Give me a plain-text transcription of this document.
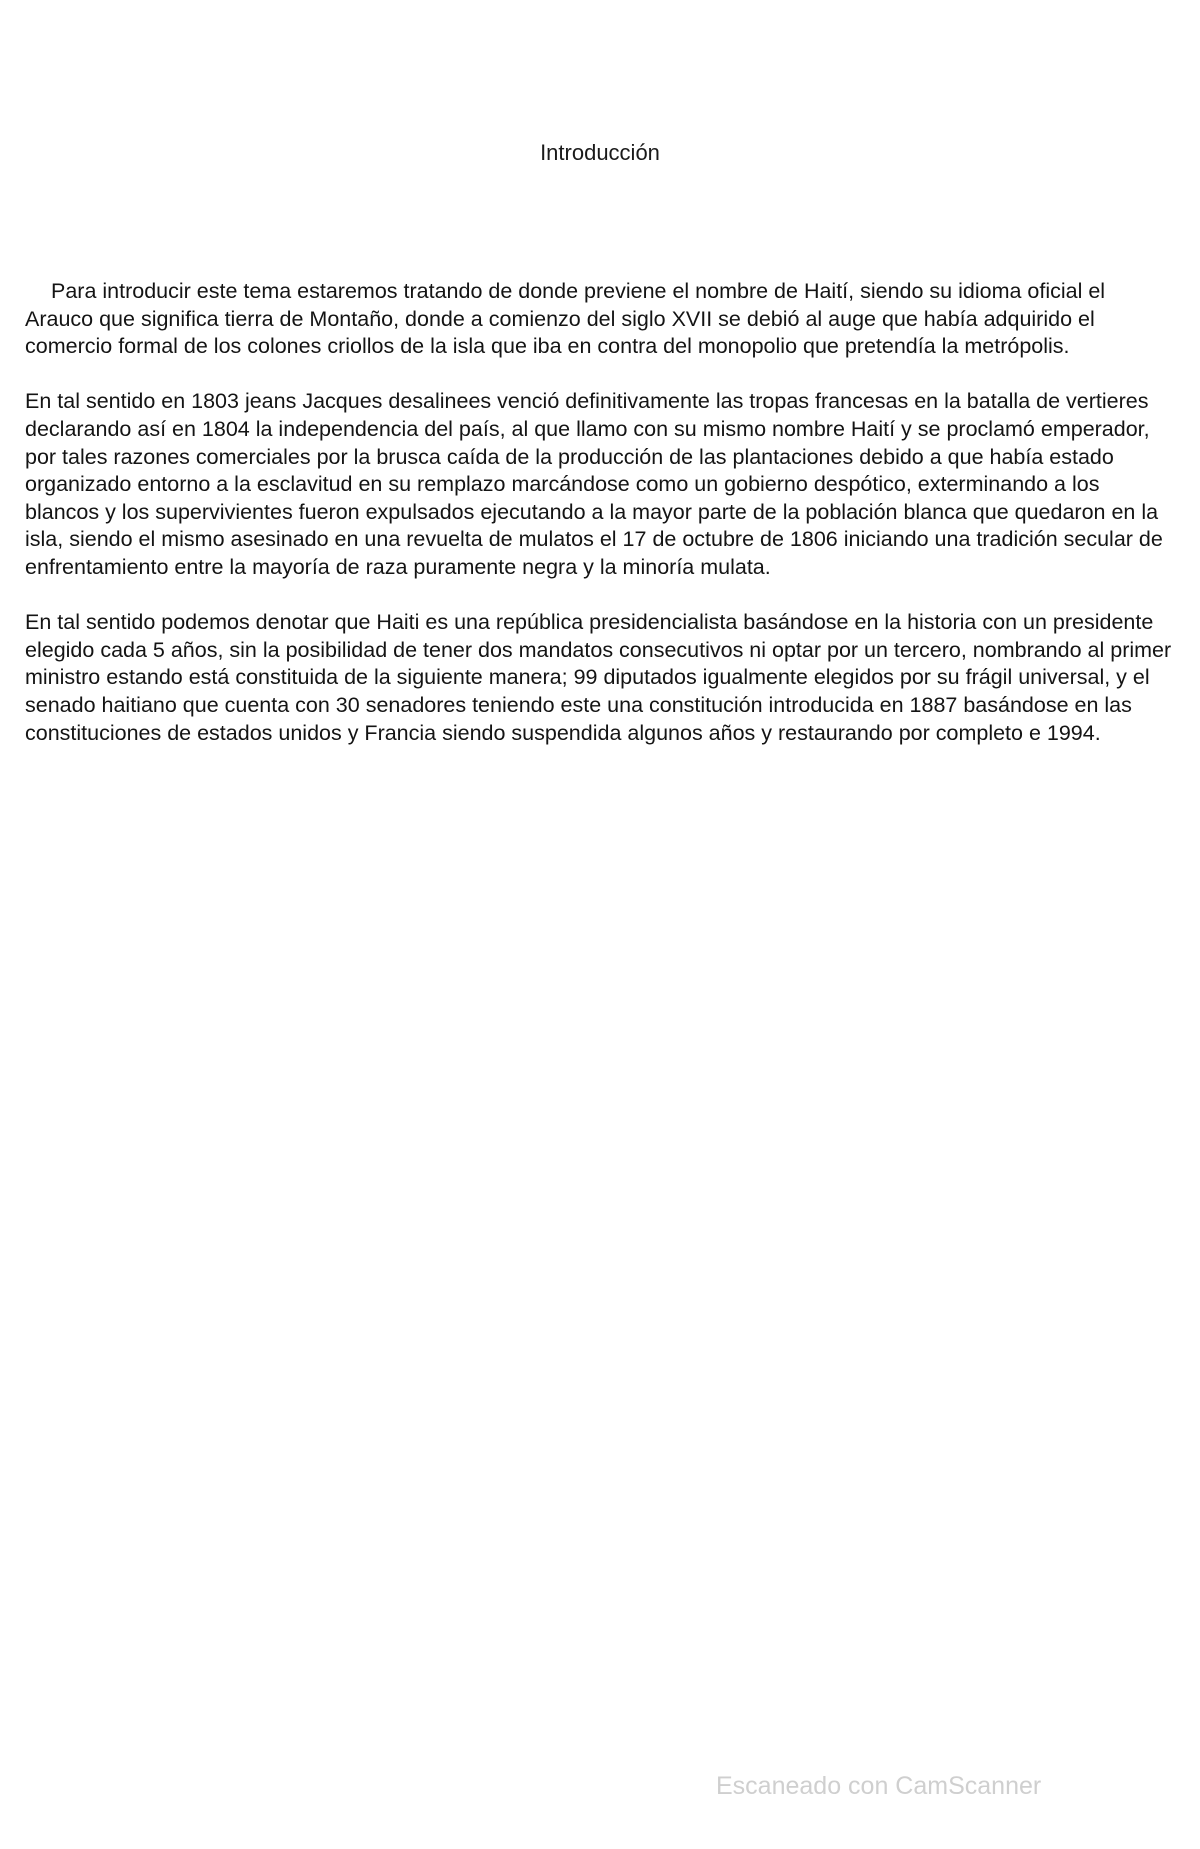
Introducción

Para introducir este tema estaremos tratando de donde previene el nombre de Haití, siendo su idioma oficial el Arauco que significa tierra de Montaño, donde a comienzo del siglo XVII se debió al auge que había adquirido el comercio formal de los colones criollos de la isla que iba en contra del monopolio que pretendía la metrópolis.

En tal sentido en 1803 jeans Jacques desalinees venció definitivamente las tropas francesas en la batalla de vertieres declarando así en 1804 la independencia del país, al que llamo con su mismo nombre Haití y se proclamó emperador, por tales razones comerciales por la brusca caída de la producción de las plantaciones debido a que había estado organizado entorno a la esclavitud en su remplazo marcándose como un gobierno despótico, exterminando a los blancos y los supervivientes fueron expulsados ejecutando a la mayor parte de la población blanca que quedaron en la isla, siendo el mismo asesinado en una revuelta de mulatos el 17 de octubre de 1806 iniciando una tradición secular de enfrentamiento entre la mayoría de raza puramente negra y la minoría mulata.

En tal sentido podemos denotar que Haiti es una república presidencialista basándose en la historia con un presidente elegido cada 5 años, sin la posibilidad de tener dos mandatos consecutivos ni optar por un tercero, nombrando al primer ministro estando está constituida de la siguiente manera; 99 diputados igualmente elegidos por su frágil universal, y el senado haitiano que cuenta con 30 senadores teniendo este una constitución introducida en 1887 basándose en las constituciones de estados unidos y Francia siendo suspendida algunos años y restaurando por completo e 1994.

Escaneado con CamScanner
